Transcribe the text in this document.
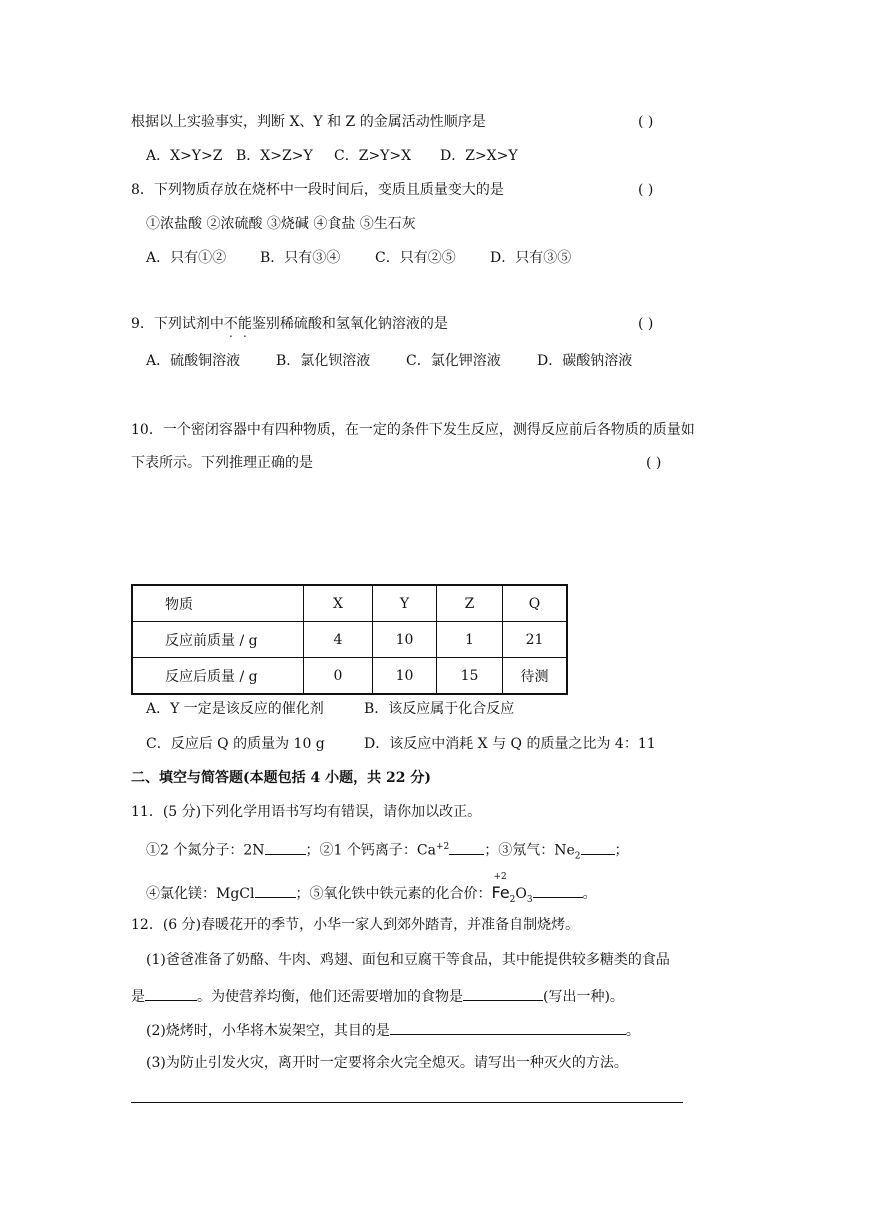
根据以上实验事实，判断 X、Y 和 Z 的金属活动性顺序是	( )
A．X>Y>Z B．X>Z>Y C．Z>Y>X D．Z>X>Y
8．下列物质存放在烧杯中一段时间后，变质且质量变大的是	( )
①浓盐酸 ②浓硫酸 ③烧碱 ④食盐 ⑤生石灰
A．只有①② B．只有③④ C．只有②⑤ D．只有③⑤
9．下列试剂中不能鉴别稀硫酸和氢氧化钠溶液的是	( )
A．硫酸铜溶液	B．氯化钡溶液	C．氯化钾溶液	D．碳酸钠溶液
10．一个密闭容器中有四种物质，在一定的条件下发生反应，测得反应前后各物质的质量如
下表所示。下列推理正确的是	( )
物质	X	Y	Z	Q
反应前质量 / g	4	10	1	21
反应后质量 / g	0	10	15	待测
A．Y 一定是该反应的催化剂	B．该反应属于化合反应
C．反应后 Q 的质量为 10 g	D．该反应中消耗 X 与 Q 的质量之比为 4：11
二、填空与简答题(本题包括 4 小题，共 22 分)
11．(5 分)下列化学用语书写均有错误，请你加以改正。
①2 个氮分子：2N	；②1 个钙离子：$Ca^{+2}$	；③氖气：$Ne_2$ ；
④氯化镁：MgCl	；⑤氧化铁中铁元素的化合价：
+2
$Fe_2O_3$	。
12．(6 分)春暖花开的季节，小华一家人到郊外踏青，并准备自制烧烤。
(1)爸爸准备了奶酪、牛肉、鸡翅、面包和豆腐干等食品，其中能提供较多糖类的食品
是	。为使营养均衡，他们还需要增加的食物是	(写出一种)。
(2)烧烤时，小华将木炭架空，其目的是	。
(3)为防止引发火灾，离开时一定要将余火完全熄灭。请写出一种灭火的方法。
